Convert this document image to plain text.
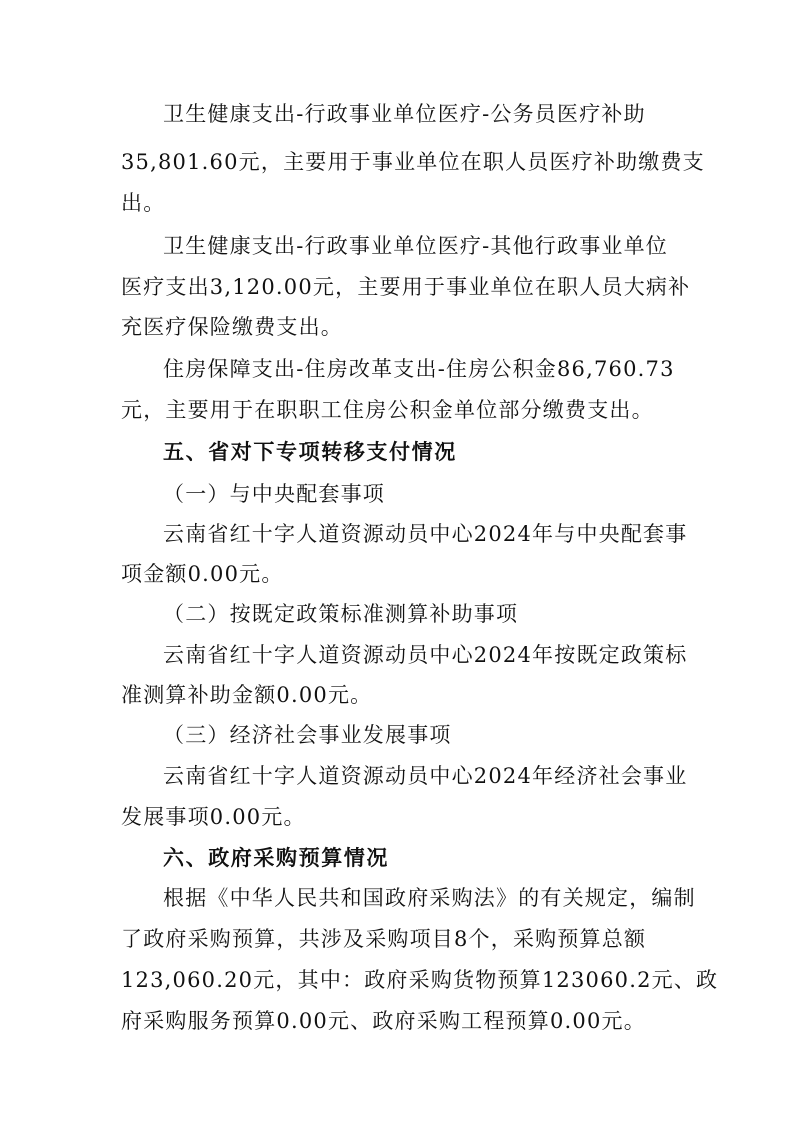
卫生健康支出-行政事业单位医疗-公务员医疗补助
35,801.60元，主要用于事业单位在职人员医疗补助缴费支
出。
卫生健康支出-行政事业单位医疗-其他行政事业单位
医疗支出3,120.00元，主要用于事业单位在职人员大病补
充医疗保险缴费支出。
住房保障支出-住房改革支出-住房公积金86,760.73
元，主要用于在职职工住房公积金单位部分缴费支出。
五、省对下专项转移支付情况
（一）与中央配套事项
云南省红十字人道资源动员中心2024年与中央配套事
项金额0.00元。
（二）按既定政策标准测算补助事项
云南省红十字人道资源动员中心2024年按既定政策标
准测算补助金额0.00元。
（三）经济社会事业发展事项
云南省红十字人道资源动员中心2024年经济社会事业
发展事项0.00元。
六、政府采购预算情况
根据《中华人民共和国政府采购法》的有关规定，编制
了政府采购预算，共涉及采购项目8个，采购预算总额
123,060.20元，其中：政府采购货物预算123060.2元、政
府采购服务预算0.00元、政府采购工程预算0.00元。
